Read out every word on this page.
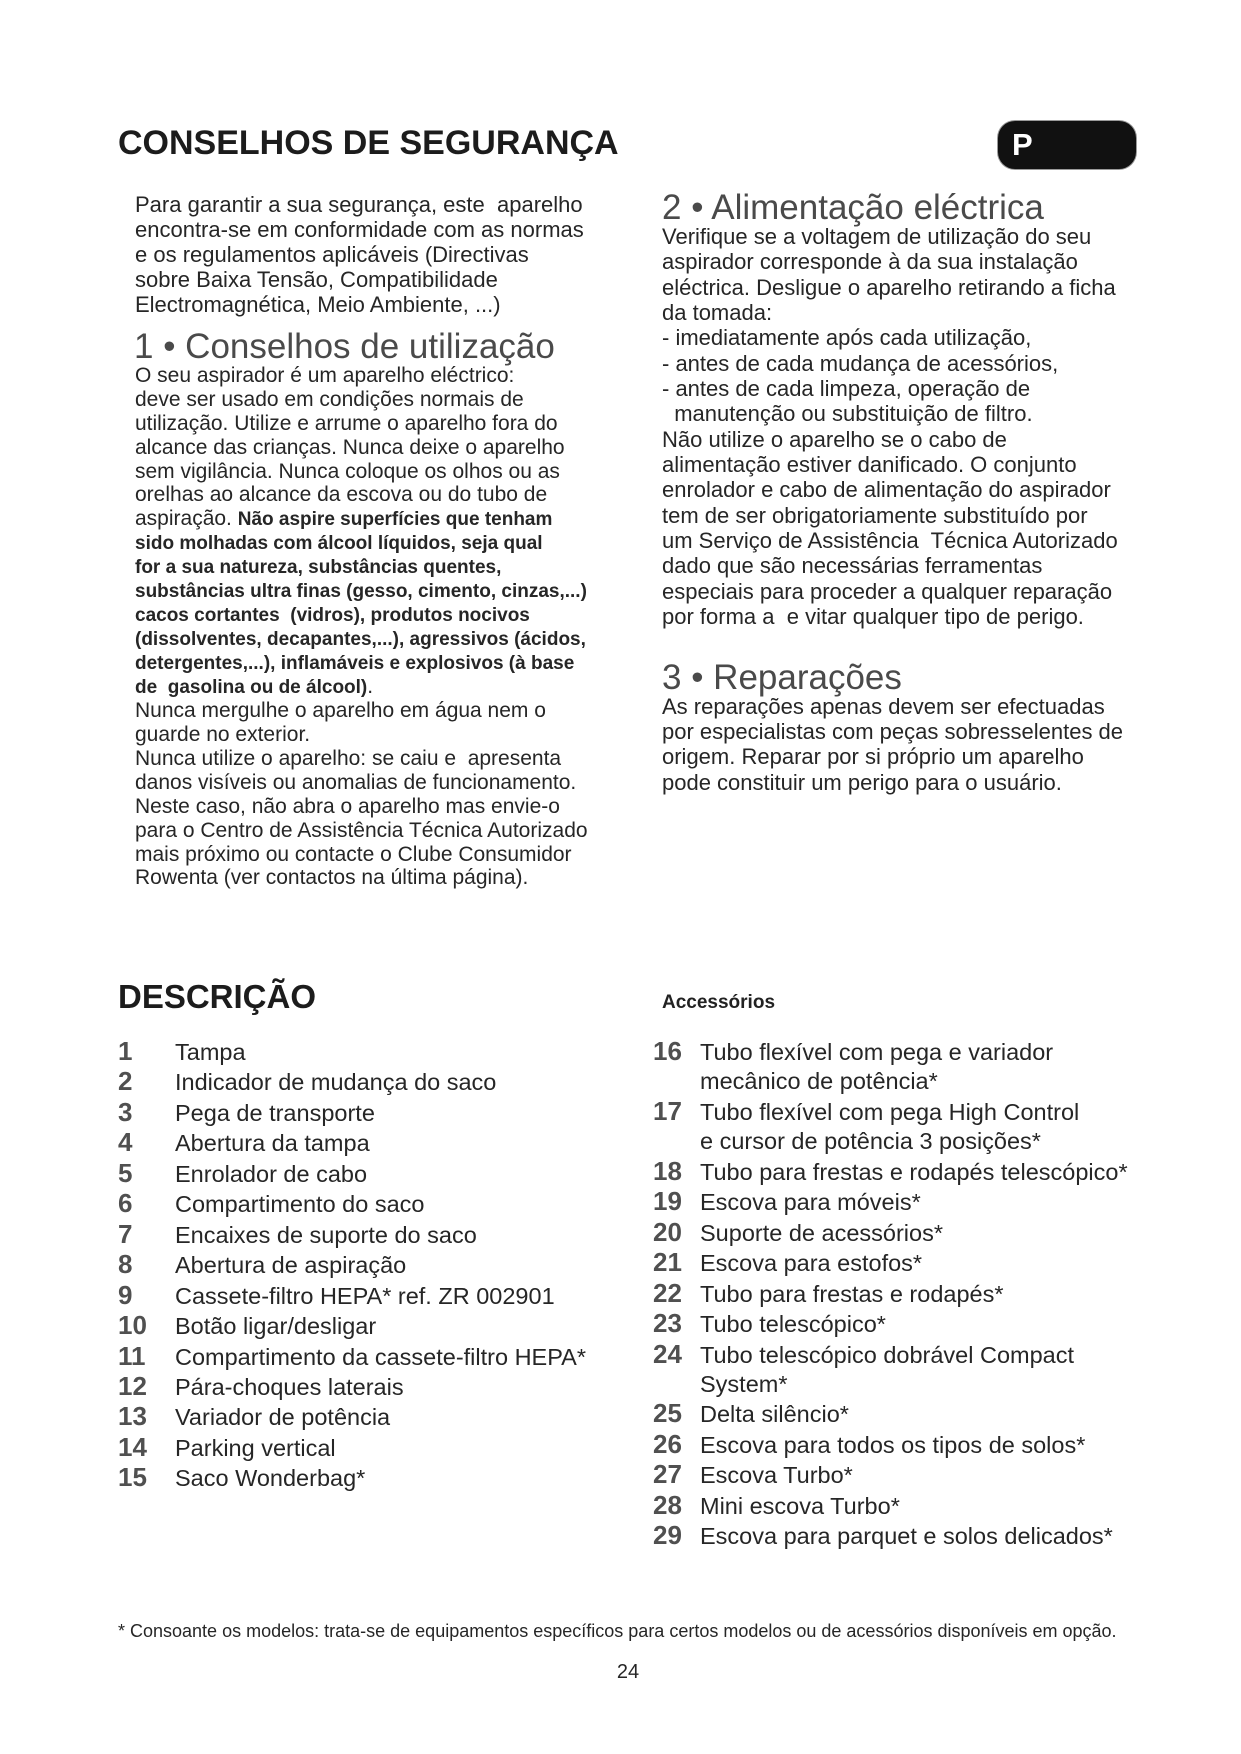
CONSELHOS DE SEGURANÇA	P

Para garantir a sua segurança, este  aparelho
encontra-se em conformidade com as normas
e os regulamentos aplicáveis (Directivas
sobre Baixa Tensão, Compatibilidade
Electromagnética, Meio Ambiente, ...)

1 • Conselhos de utilização

O seu aspirador é um aparelho eléctrico:
deve ser usado em condições normais de
utilização. Utilize e arrume o aparelho fora do
alcance das crianças. Nunca deixe o aparelho
sem vigilância. Nunca coloque os olhos ou as
orelhas ao alcance da escova ou do tubo de
aspiração. Não aspire superfícies que tenham
sido molhadas com álcool líquidos, seja qual
for a sua natureza, substâncias quentes,
substâncias ultra finas (gesso, cimento, cinzas,...)
cacos cortantes  (vidros), produtos nocivos
(dissolventes, decapantes,...), agressivos (ácidos,
detergentes,...), inflamáveis e explosivos (à base
de  gasolina ou de álcool).
Nunca mergulhe o aparelho em água nem o
guarde no exterior.
Nunca utilize o aparelho: se caiu e  apresenta
danos visíveis ou anomalias de funcionamento.
Neste caso, não abra o aparelho mas envie-o
para o Centro de Assistência Técnica Autorizado
mais próximo ou contacte o Clube Consumidor
Rowenta (ver contactos na última página).

2 • Alimentação eléctrica

Verifique se a voltagem de utilização do seu
aspirador corresponde à da sua instalação
eléctrica. Desligue o aparelho retirando a ficha
da tomada:
- imediatamente após cada utilização,
- antes de cada mudança de acessórios,
- antes de cada limpeza, operação de
manutenção ou substituição de filtro.
Não utilize o aparelho se o cabo de
alimentação estiver danificado. O conjunto
enrolador e cabo de alimentação do aspirador
tem de ser obrigatoriamente substituído por
um Serviço de Assistência  Técnica Autorizado
dado que são necessárias ferramentas
especiais para proceder a qualquer reparação
por forma a  e vitar qualquer tipo de perigo.

3 • Reparações

As reparações apenas devem ser efectuadas
por especialistas com peças sobresselentes de
origem. Reparar por si próprio um aparelho
pode constituir um perigo para o usuário.

DESCRIÇÃO	Accessórios
1	Tampa
2	Indicador de mudança do saco
3	Pega de transporte
4	Abertura da tampa
5	Enrolador de cabo
6	Compartimento do saco
7	Encaixes de suporte do saco
8	Abertura de aspiração
9	Cassete-filtro HEPA* ref. ZR 002901
10	Botão ligar/desligar
11	Compartimento da cassete-filtro HEPA*
12	Pára-choques laterais
13	Variador de potência
14	Parking vertical
15	Saco Wonderbag*
16 Tubo flexível com pega e variador
mecânico de potência*
17 Tubo flexível com pega High Control
e cursor de potência 3 posições*
18 Tubo para frestas e rodapés telescópico*
19 Escova para móveis*
20 Suporte de acessórios*
21 Escova para estofos*
22 Tubo para frestas e rodapés*
23 Tubo telescópico*
24 Tubo telescópico dobrável Compact
System*
25 Delta silêncio*
26 Escova para todos os tipos de solos*
27 Escova Turbo*
28 Mini escova Turbo*
29 Escova para parquet e solos delicados*

* Consoante os modelos: trata-se de equipamentos específicos para certos modelos ou de acessórios disponíveis em opção.

24
